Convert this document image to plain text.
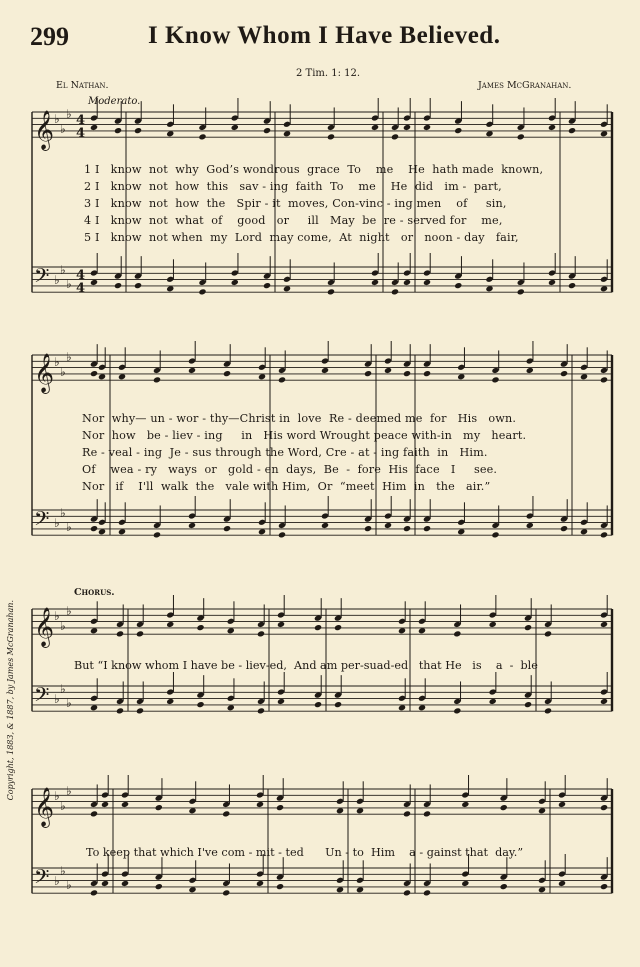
𝄞 ♭
♭
♭ 4
4
𝄢 ♭
♭
♭
4
4
𝄞 ♭
♭
♭
𝄢 ♭
♭
♭
𝄞 ♭
♭
♭
𝄢 ♭
♭
♭
𝄞 ♭
♭
♭
𝄢 ♭
♭
♭
299	I Know Whom I Have Believed.
El Nathan.
2 Tim. 1: 12.
James McGranahan.
Moderato.
Chorus.
Copyright, 1883, & 1887, by James McGranahan.
1 I   know  not  why  God’s wondrous  grace  To    me    He  hath made  known,
2 I   know  not  how  this   sav - ing  faith  To    me    He  did   im -  part,
3 I   know  not  how  the   Spir - it  moves, Con-vinc - ing men    of     sin,
4 I   know  not  what  of    good   or     ill   May  be  re - served for    me,
5 I   know  not when  my  Lord  may come,  At  night   or   noon - day   fair,
Nor  why— un - wor - thy—Christ in  love  Re - deemed me  for   His   own.
Nor  how   be - liev - ing     in   His word Wrought peace with-in   my   heart.
Re - veal - ing  Je - sus through the Word, Cre - at - ing faith  in   Him.
Of    wea - ry   ways  or   gold - en  days,  Be  -  fore  His  face   I     see.
Nor   if    I'll  walk  the   vale with Him,  Or  “meet  Him  in   the   air.”
But “I know whom I have be - liev-ed,  And am per-suad-ed   that He   is    a  -  ble
To keep that which I've com - mit - ted      Un - to  Him    a - gainst that  day.”
